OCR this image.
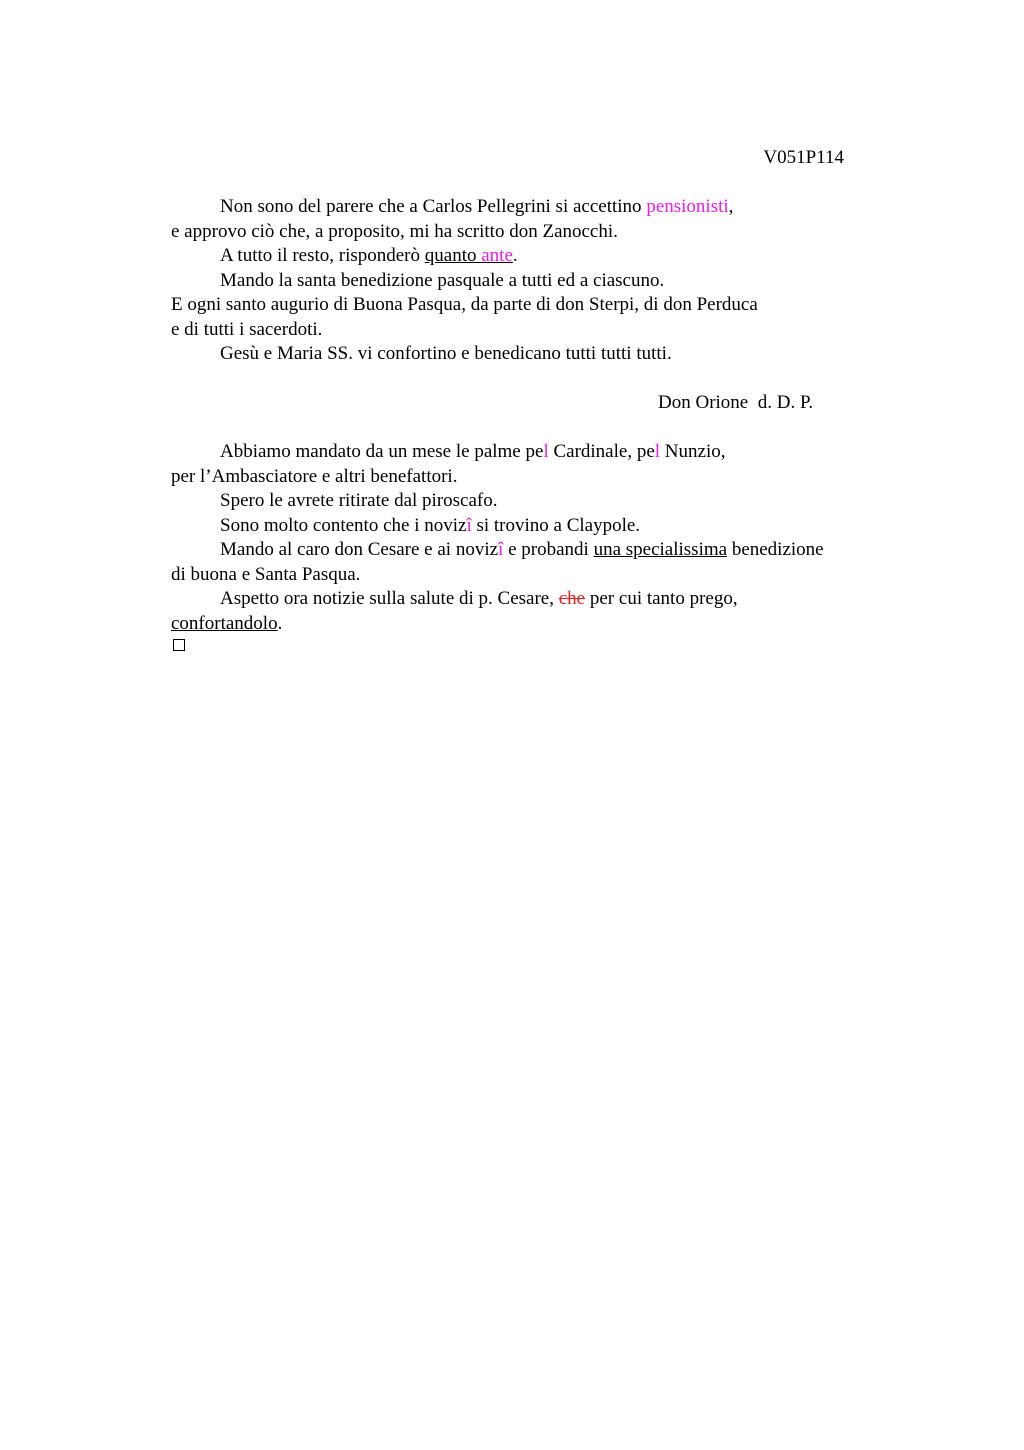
V051P114
Non sono del parere che a Carlos Pellegrini si accettino pensionisti,
e approvo ciò che, a proposito, mi ha scritto don Zanocchi.
A tutto il resto, risponderò quanto ante.
Mando la santa benedizione pasquale a tutti ed a ciascuno.
E ogni santo augurio di Buona Pasqua, da parte di don Sterpi, di don Perduca
e di tutti i sacerdoti.
Gesù e Maria SS. vi confortino e benedicano tutti tutti tutti.
Don Orione  d. D. P.
Abbiamo mandato da un mese le palme pel Cardinale, pel Nunzio,
per l’Ambasciatore e altri benefattori.
Spero le avrete ritirate dal piroscafo.
Sono molto contento che i novizî si trovino a Claypole.
Mando al caro don Cesare e ai novizî e probandi una specialissima benedizione
di buona e Santa Pasqua.
Aspetto ora notizie sulla salute di p. Cesare, che per cui tanto prego,
confortandolo.
